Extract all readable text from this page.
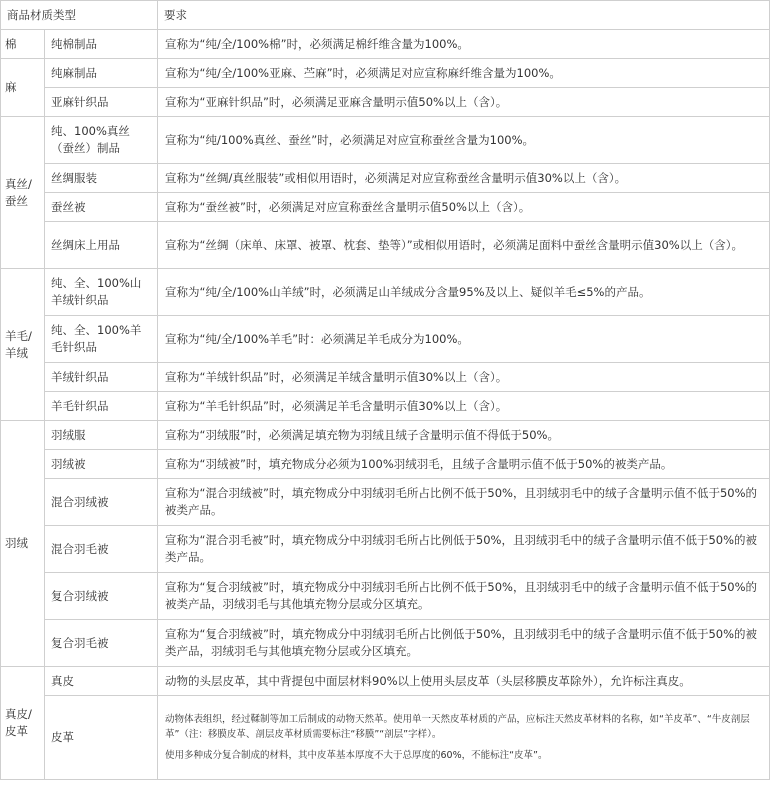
商品材质类型		要求
棉	纯棉制品	宣称为“纯/全/100%棉”时，必须满足棉纤维含量为100%。
麻	纯麻制品	宣称为“纯/全/100%亚麻、苎麻”时，必须满足对应宣称麻纤维含量为100%。
	亚麻针织品	宣称为“亚麻针织品”时，必须满足亚麻含量明示值50%以上（含）。
真丝/蚕丝	纯、100%真丝（蚕丝）制品	宣称为“纯/100%真丝、蚕丝”时，必须满足对应宣称蚕丝含量为100%。
	丝绸服装	宣称为“丝绸/真丝服装”或相似用语时，必须满足对应宣称蚕丝含量明示值30%以上（含）。
	蚕丝被	宣称为“蚕丝被”时，必须满足对应宣称蚕丝含量明示值50%以上（含）。
	丝绸床上用品	宣称为“丝绸（床单、床罩、被罩、枕套、垫等）”或相似用语时，必须满足面料中蚕丝含量明示值30%以上（含）。
羊毛/羊绒	纯、全、100%山羊绒针织品	宣称为“纯/全/100%山羊绒”时，必须满足山羊绒成分含量95%及以上、疑似羊毛≤5%的产品。
	纯、全、100%羊毛针织品	宣称为“纯/全/100%羊毛”时：必须满足羊毛成分为100%。
	羊绒针织品	宣称为“羊绒针织品”时，必须满足羊绒含量明示值30%以上（含）。
	羊毛针织品	宣称为“羊毛针织品”时，必须满足羊毛含量明示值30%以上（含）。
羽绒	羽绒服	宣称为“羽绒服”时，必须满足填充物为羽绒且绒子含量明示值不得低于50%。
	羽绒被	宣称为“羽绒被”时，填充物成分必须为100%羽绒羽毛，且绒子含量明示值不低于50%的被类产品。
	混合羽绒被	宣称为“混合羽绒被”时，填充物成分中羽绒羽毛所占比例不低于50%，且羽绒羽毛中的绒子含量明示值不低于50%的被类产品。
	混合羽毛被	宣称为“混合羽毛被”时，填充物成分中羽绒羽毛所占比例低于50%，且羽绒羽毛中的绒子含量明示值不低于50%的被类产品。
	复合羽绒被	宣称为“复合羽绒被”时，填充物成分中羽绒羽毛所占比例不低于50%，且羽绒羽毛中的绒子含量明示值不低于50%的被类产品，羽绒羽毛与其他填充物分层或分区填充。
	复合羽毛被	宣称为“复合羽绒被”时，填充物成分中羽绒羽毛所占比例低于50%，且羽绒羽毛中的绒子含量明示值不低于50%的被类产品，羽绒羽毛与其他填充物分层或分区填充。
真皮/皮革	真皮	动物的头层皮革，其中背提包中面层材料90%以上使用头层皮革（头层移膜皮革除外），允许标注真皮。
	皮革	动物体表组织，经过鞣制等加工后制成的动物天然革。使用单一天然皮革材质的产品，应标注天然皮革材料的名称，如“羊皮革”、“牛皮剖层革”（注：移膜皮革、剖层皮革材质需要标注“移膜”“剖层”字样）。
使用多种成分复合制成的材料，其中皮革基本厚度不大于总厚度的60%，不能标注“皮革”。
